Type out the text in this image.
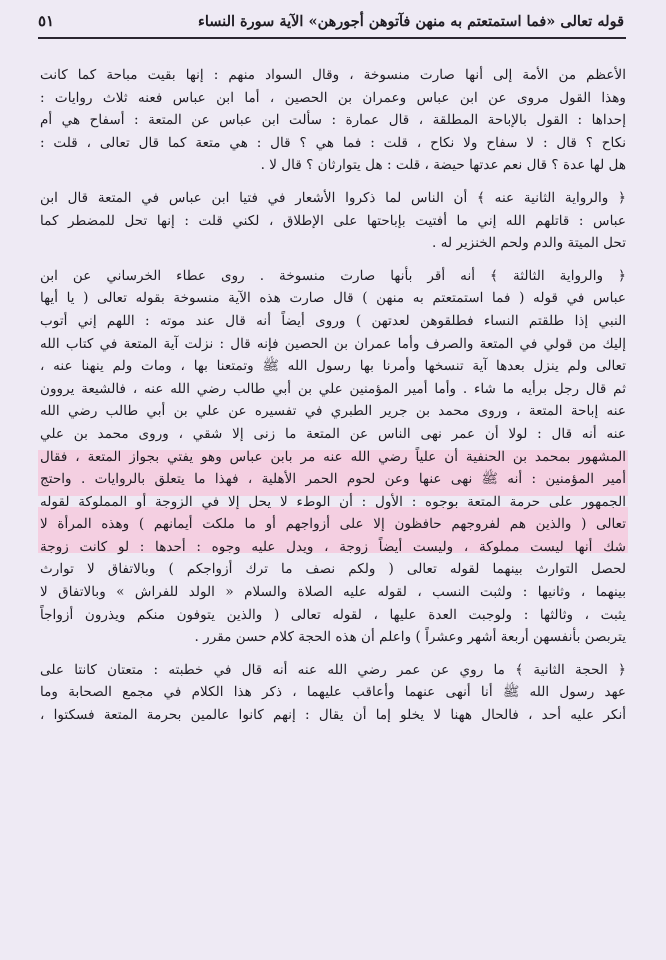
قوله تعالى «فما استمتعتم به منهن فآتوهن أجورهن» الآية سورة النساء
٥١
الأعظم من الأمة إلى أنها صارت منسوخة ، وقال السواد منهم : إنها بقيت مباحة كما كانت
وهذا القول مروى عن ابن عباس وعمران بن الحصين ، أما ابن عباس فعنه ثلاث روايات :
إحداها : القول بالإباحة المطلقة ، قال عمارة : سألت ابن عباس عن المتعة : أسفاح هي أم
نكاح ؟ قال : لا سفاح ولا نكاح ، قلت : فما هي ؟ قال : هي متعة كما قال تعالى ، قلت :
هل لها عدة ؟ قال نعم عدتها حيضة ، قلت : هل يتوارثان ؟ قال لا .
﴿ والرواية الثانية عنه ﴾ أن الناس لما ذكروا الأشعار في فتيا ابن عباس في المتعة قال ابن
عباس : قاتلهم الله إني ما أفتيت بإباحتها على الإطلاق ، لكني قلت : إنها تحل للمضطر كما
تحل الميتة والدم ولحم الخنزير له .
﴿ والرواية الثالثة ﴾ أنه أقر بأنها صارت منسوخة . روى عطاء الخرساني عن ابن
عباس في قوله ( فما استمتعتم به منهن ) قال صارت هذه الآية منسوخة بقوله تعالى ( يا أيها
النبي إذا طلقتم النساء فطلقوهن لعدتهن ) وروى أيضاً أنه قال عند موته : اللهم إني أتوب
إليك من قولي في المتعة والصرف وأما عمران بن الحصين فإنه قال : نزلت آية المتعة في كتاب الله
تعالى ولم ينزل بعدها آية تنسخها وأمرنا بها رسول الله ﷺ وتمتعنا بها ، ومات ولم ينهنا عنه ،
ثم قال رجل برأيه ما شاء . وأما أمير المؤمنين علي بن أبي طالب رضي الله عنه ، فالشيعة يروون
عنه إباحة المتعة ، وروى محمد بن جرير الطبري في تفسيره عن علي بن أبي طالب رضي الله
عنه أنه قال : لولا أن عمر نهى الناس عن المتعة ما زنى إلا شقي ، وروى محمد بن علي
المشهور بمحمد بن الحنفية أن علياً رضي الله عنه مر بابن عباس وهو يفتي بجواز المتعة ، فقال
أمير المؤمنين : أنه ﷺ نهى عنها وعن لحوم الحمر الأهلية ، فهذا ما يتعلق بالروايات . واحتج
الجمهور على حرمة المتعة بوجوه : الأول : أن الوطء لا يحل إلا في الزوجة أو المملوكة لقوله
تعالى ( والذين هم لفروجهم حافظون إلا على أزواجهم أو ما ملكت أيمانهم ) وهذه المرأة لا
شك أنها ليست مملوكة ، وليست أيضاً زوجة ، ويدل عليه وجوه : أحدها : لو كانت زوجة
لحصل التوارث بينهما لقوله تعالى ( ولكم نصف ما ترك أزواجكم ) وبالاتفاق لا توارث
بينهما ، وثانيها : ولثبت النسب ، لقوله عليه الصلاة والسلام « الولد للفراش » وبالاتفاق لا
يثبت ، وثالثها : ولوجبت العدة عليها ، لقوله تعالى ( والذين يتوفون منكم ويذرون أزواجاً
يتربصن بأنفسهن أربعة أشهر وعشراً ) واعلم أن هذه الحجة كلام حسن مقرر .
﴿ الحجة الثانية ﴾ ما روي عن عمر رضي الله عنه أنه قال في خطبته : متعتان كانتا على
عهد رسول الله ﷺ أنا أنهى عنهما وأعاقب عليهما ، ذكر هذا الكلام في مجمع الصحابة وما
أنكر عليه أحد ، فالحال ههنا لا يخلو إما أن يقال : إنهم كانوا عالمين بحرمة المتعة فسكتوا ،
